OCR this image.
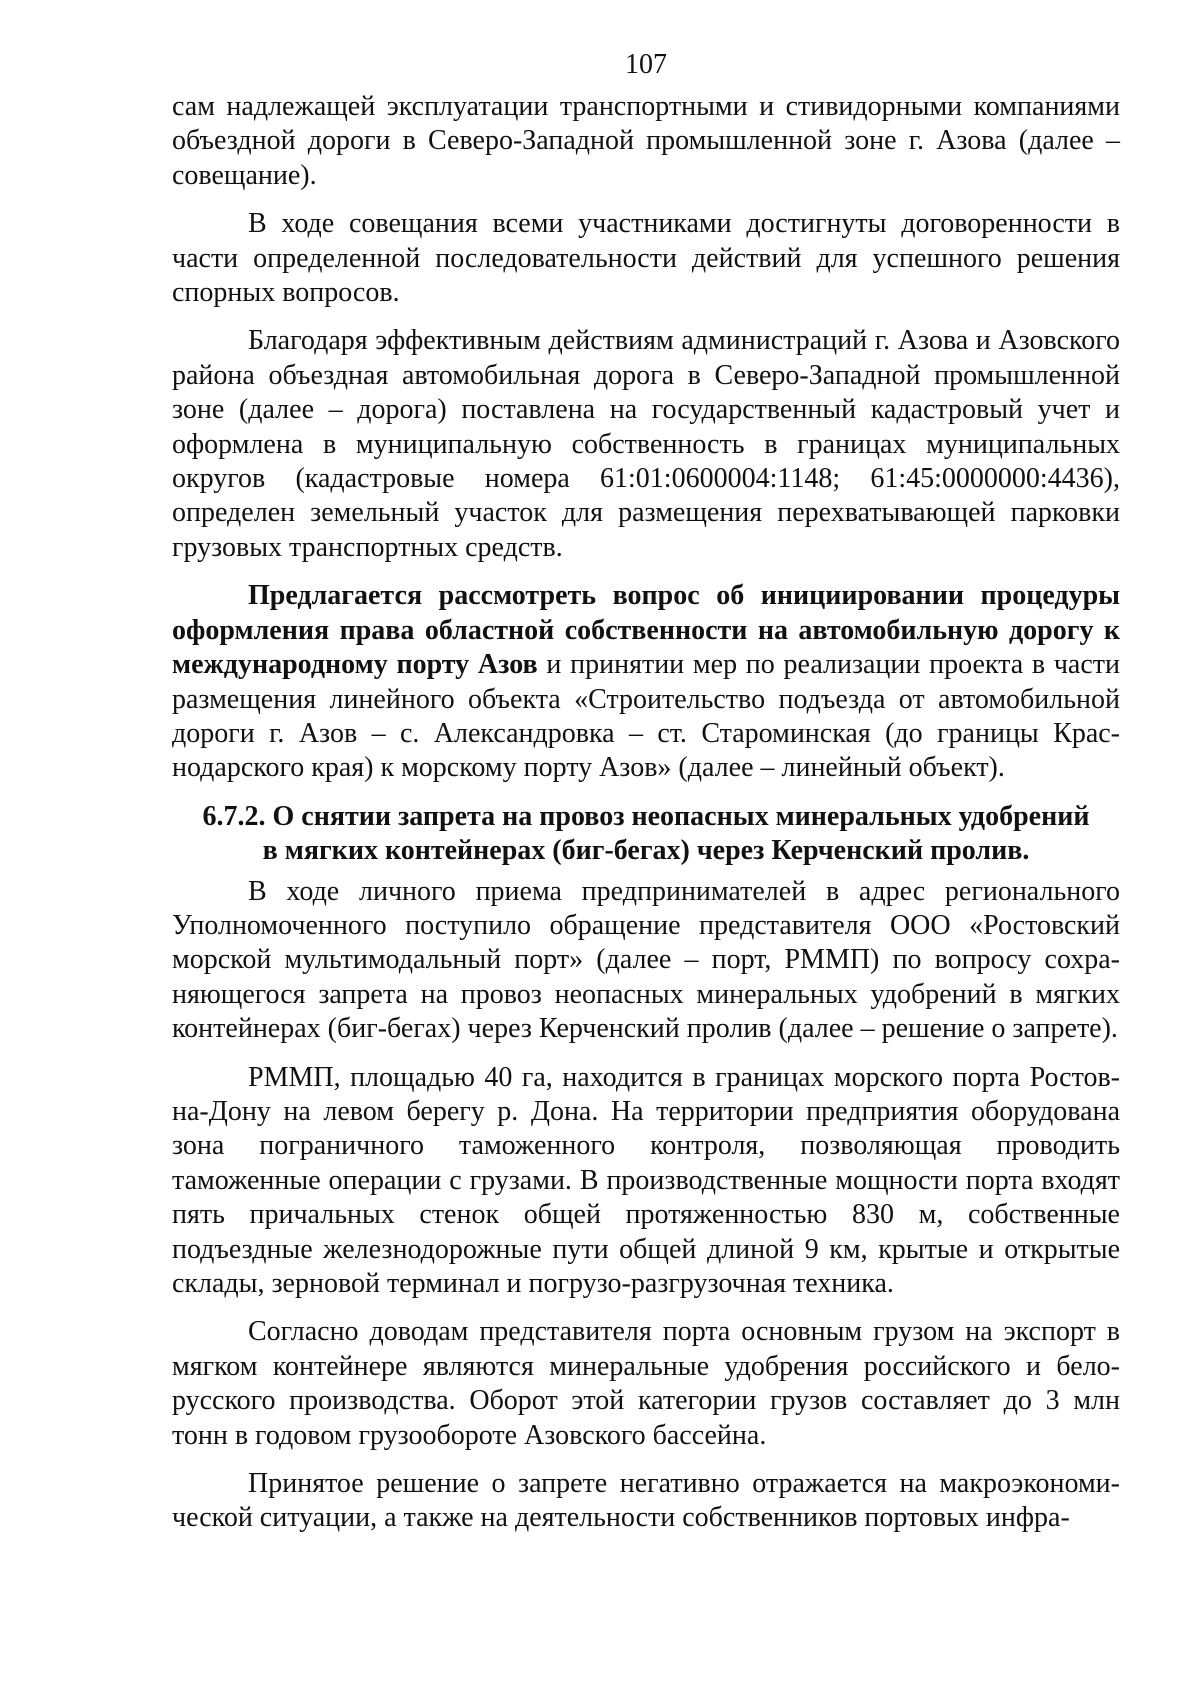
107

сам надлежащей эксплуатации транспортными и стивидорными компаниями объездной дороги в Северо-Западной промышленной зоне г. Азова (далее – совещание).

В ходе совещания всеми участниками достигнуты договоренности в части определенной последовательности действий для успешного решения спорных вопросов.

Благодаря эффективным действиям администраций г. Азова и Азовского района объездная автомобильная дорога в Северо-Западной промышленной зоне (далее – дорога) поставлена на государственный кадастровый учет и оформлена в муниципальную собственность в границах муниципальных округов (кадастровые номера 61:01:0600004:1148; 61:45:0000000:4436), определен земельный участок для размещения перехватывающей парковки грузовых транспортных средств.

Предлагается рассмотреть вопрос об инициировании процедуры оформления права областной собственности на автомобильную дорогу к международному порту Азов и принятии мер по реализации проекта в части размещения линейного объекта «Строительство подъезда от автомобильной дороги г. Азов – с. Александровка – ст. Староминская (до границы Краснодарского края) к морскому порту Азов» (далее – линейный объект).

6.7.2. О снятии запрета на провоз неопасных минеральных удобрений
в мягких контейнерах (биг-бегах) через Керченский пролив.

В ходе личного приема предпринимателей в адрес регионального Уполномоченного поступило обращение представителя ООО «Ростовский морской мультимодальный порт» (далее – порт, РММП) по вопросу сохраняющегося запрета на провоз неопасных минеральных удобрений в мягких контейнерах (биг-бегах) через Керченский пролив (далее – решение о запрете).

РММП, площадью 40 га, находится в границах морского порта Ростов-на-Дону на левом берегу р. Дона. На территории предприятия оборудована зона пограничного таможенного контроля, позволяющая проводить таможенные операции с грузами. В производственные мощности порта входят пять причальных стенок общей протяженностью 830 м, собственные подъездные железнодорожные пути общей длиной 9 км, крытые и открытые склады, зерновой терминал и погрузо-разгрузочная техника.

Согласно доводам представителя порта основным грузом на экспорт в мягком контейнере являются минеральные удобрения российского и белорусского производства. Оборот этой категории грузов составляет до 3 млн тонн в годовом грузообороте Азовского бассейна.

Принятое решение о запрете негативно отражается на макроэкономической ситуации, а также на деятельности собственников портовых инфра-
